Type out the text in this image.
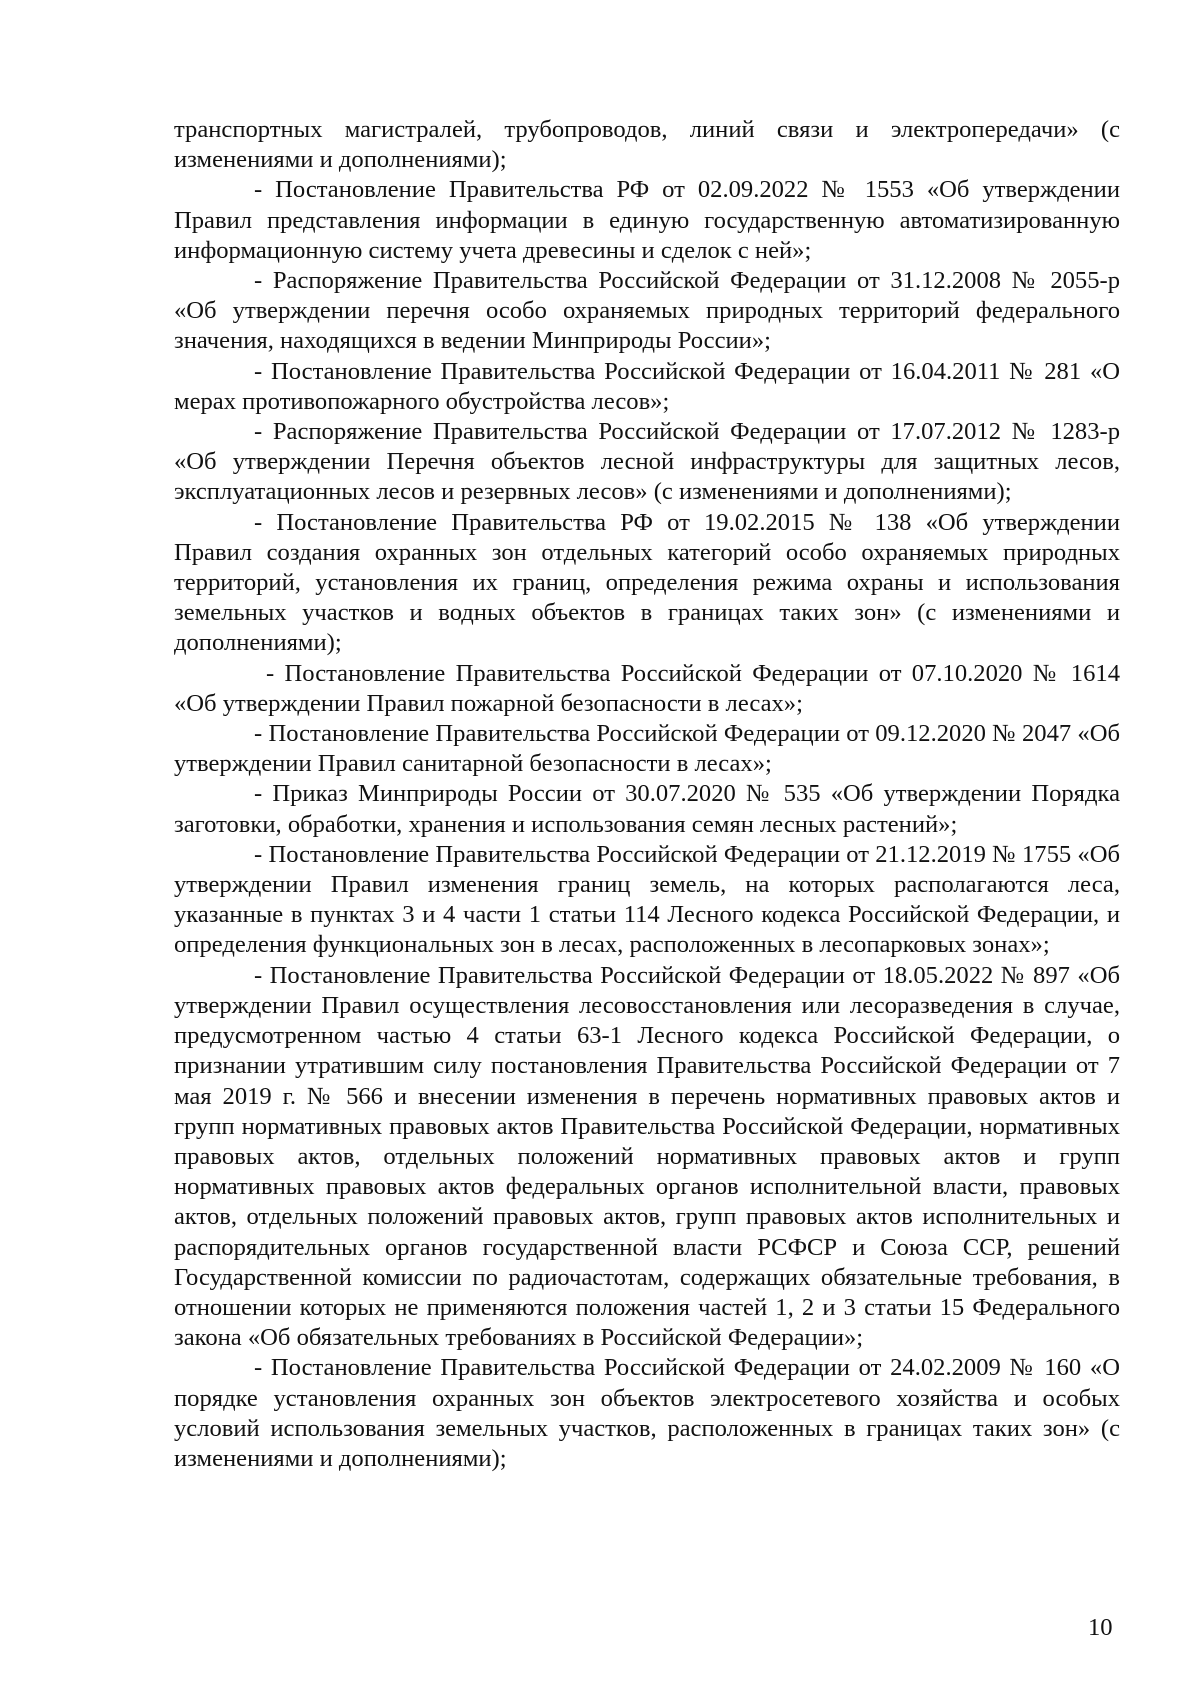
транспортных магистралей, трубопроводов, линий связи и электропередачи» (с изменениями и дополнениями);

- Постановление Правительства РФ от 02.09.2022 № 1553 «Об утверждении Правил представления информации в единую государственную автоматизированную информационную систему учета древесины и сделок с ней»;

- Распоряжение Правительства Российской Федерации от 31.12.2008 № 2055-р «Об утверждении перечня особо охраняемых природных территорий федерального значения, находящихся в ведении Минприроды России»;

- Постановление Правительства Российской Федерации от 16.04.2011 № 281 «О мерах противопожарного обустройства лесов»;

- Распоряжение Правительства Российской Федерации от 17.07.2012 № 1283-р «Об утверждении Перечня объектов лесной инфраструктуры для защитных лесов, эксплуатационных лесов и резервных лесов» (с изменениями и дополнениями);

- Постановление Правительства РФ от 19.02.2015 № 138 «Об утверждении Правил создания охранных зон отдельных категорий особо охраняемых природных территорий, установления их границ, определения режима охраны и использования земельных участков и водных объектов в границах таких зон» (с изменениями и дополнениями);

- Постановление Правительства Российской Федерации от 07.10.2020 № 1614 «Об утверждении Правил пожарной безопасности в лесах»;

- Постановление Правительства Российской Федерации от 09.12.2020 № 2047 «Об утверждении Правил санитарной безопасности в лесах»;

- Приказ Минприроды России от 30.07.2020 № 535 «Об утверждении Порядка заготовки, обработки, хранения и использования семян лесных растений»;

- Постановление Правительства Российской Федерации от 21.12.2019 № 1755 «Об утверждении Правил изменения границ земель, на которых располагаются леса, указанные в пунктах 3 и 4 части 1 статьи 114 Лесного кодекса Российской Федерации, и определения функциональных зон в лесах, расположенных в лесопарковых зонах»;

- Постановление Правительства Российской Федерации от 18.05.2022 № 897 «Об утверждении Правил осуществления лесовосстановления или лесоразведения в случае, предусмотренном частью 4 статьи 63-1 Лесного кодекса Российской Федерации, о признании утратившим силу постановления Правительства Российской Федерации от 7 мая 2019 г. № 566 и внесении изменения в перечень нормативных правовых актов и групп нормативных правовых актов Правительства Российской Федерации, нормативных правовых актов, отдельных положений нормативных правовых актов и групп нормативных правовых актов федеральных органов исполнительной власти, правовых актов, отдельных положений правовых актов, групп правовых актов исполнительных и распорядительных органов государственной власти РСФСР и Союза ССР, решений Государственной комиссии по радиочастотам, содержащих обязательные требования, в отношении которых не применяются положения частей 1, 2 и 3 статьи 15 Федерального закона «Об обязательных требованиях в Российской Федерации»;

- Постановление Правительства Российской Федерации от 24.02.2009 № 160 «О порядке установления охранных зон объектов электросетевого хозяйства и особых условий использования земельных участков, расположенных в границах таких зон» (с изменениями и дополнениями);

10
